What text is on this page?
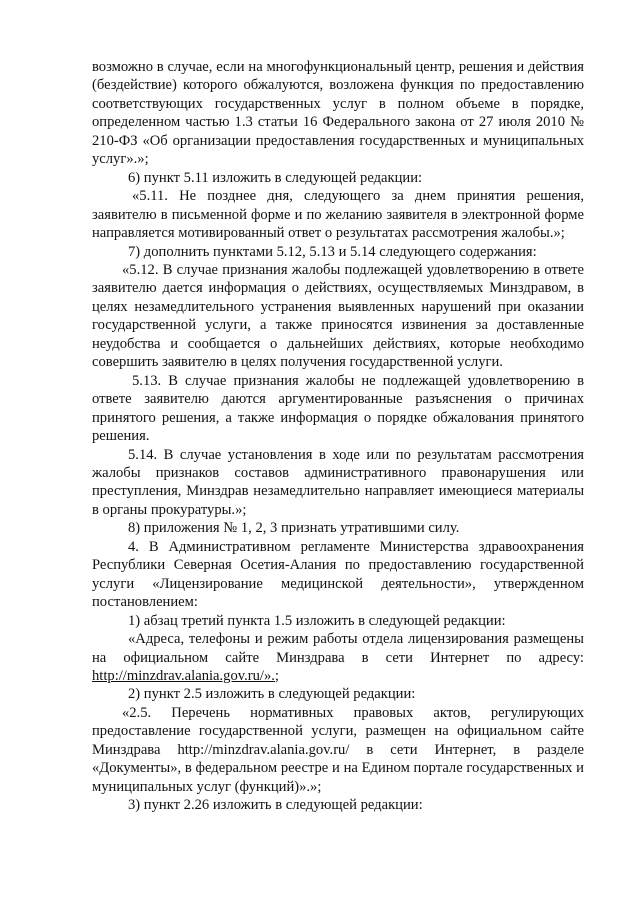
возможно в случае, если на многофункциональный центр, решения и действия (бездействие) которого обжалуются, возложена функция по предоставлению соответствующих государственных услуг в полном объеме в порядке, определенном частью 1.3 статьи 16 Федерального закона от 27 июля 2010 № 210-ФЗ «Об организации предоставления государственных и муниципальных услуг».»;

6) пункт 5.11 изложить в следующей редакции:

«5.11. Не позднее дня, следующего за днем принятия решения, заявителю в письменной форме и по желанию заявителя в электронной форме направляется мотивированный ответ о результатах рассмотрения жалобы.»;

7) дополнить пунктами 5.12, 5.13 и 5.14 следующего содержания:

«5.12. В случае признания жалобы подлежащей удовлетворению в ответе заявителю дается информация о действиях, осуществляемых Минздравом, в целях незамедлительного устранения выявленных нарушений при оказании государственной услуги, а также приносятся извинения за доставленные неудобства и сообщается о дальнейших действиях, которые необходимо совершить заявителю в целях получения государственной услуги.

5.13. В случае признания жалобы не подлежащей удовлетворению в ответе заявителю даются аргументированные разъяснения о причинах принятого решения, а также информация о порядке обжалования принятого решения.

5.14. В случае установления в ходе или по результатам рассмотрения жалобы признаков составов административного правонарушения или преступления, Минздрав незамедлительно направляет имеющиеся материалы в органы прокуратуры.»;

8) приложения № 1, 2, 3 признать утратившими силу.

4. В Административном регламенте Министерства здравоохранения Республики Северная Осетия-Алания по предоставлению государственной услуги «Лицензирование медицинской деятельности», утвержденном постановлением:

1) абзац третий пункта 1.5 изложить в следующей редакции:

«Адреса, телефоны и режим работы отдела лицензирования размещены на официальном сайте Минздрава в сети Интернет по адресу: http://minzdrav.alania.gov.ru/».;

2) пункт 2.5 изложить в следующей редакции:

«2.5. Перечень нормативных правовых актов, регулирующих предоставление государственной услуги, размещен на официальном сайте Минздрава http://minzdrav.alania.gov.ru/ в сети Интернет, в разделе «Документы», в федеральном реестре и на Едином портале государственных и муниципальных услуг (функций)».»;

3) пункт 2.26 изложить в следующей редакции:
